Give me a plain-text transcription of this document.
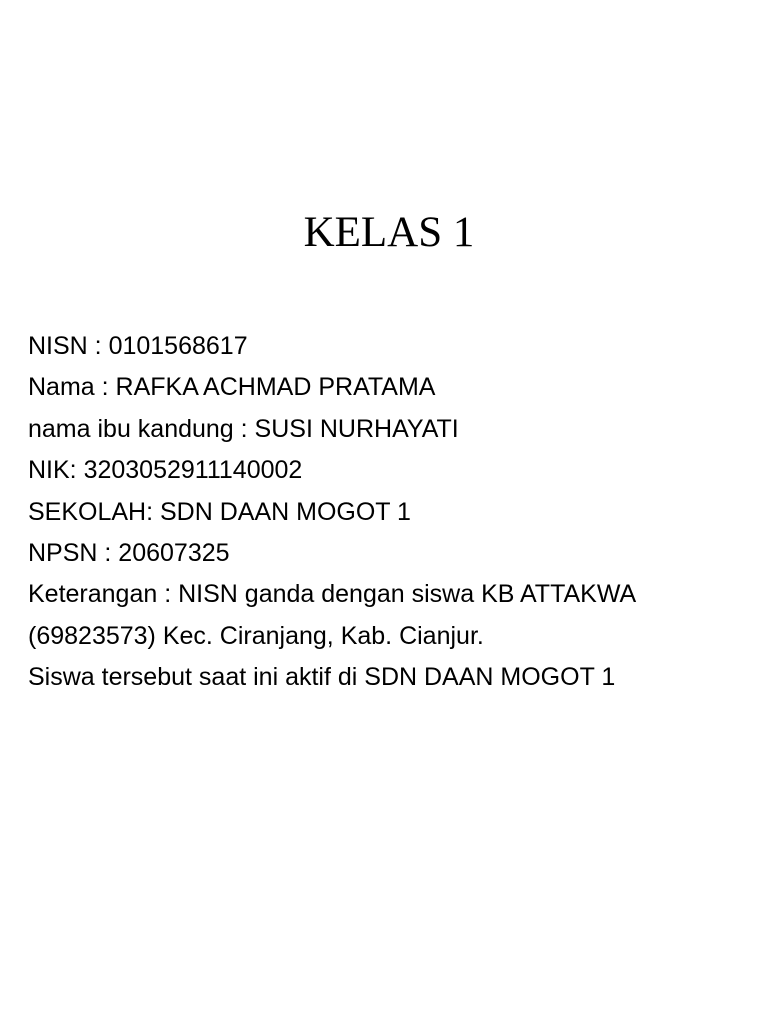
KELAS 1
NISN : 0101568617
Nama : RAFKA ACHMAD PRATAMA
nama ibu kandung : SUSI NURHAYATI
NIK: 3203052911140002
SEKOLAH: SDN DAAN MOGOT 1
NPSN : 20607325
Keterangan : NISN ganda dengan siswa KB ATTAKWA
(69823573) Kec. Ciranjang, Kab. Cianjur.
Siswa tersebut saat ini aktif di SDN DAAN MOGOT 1
